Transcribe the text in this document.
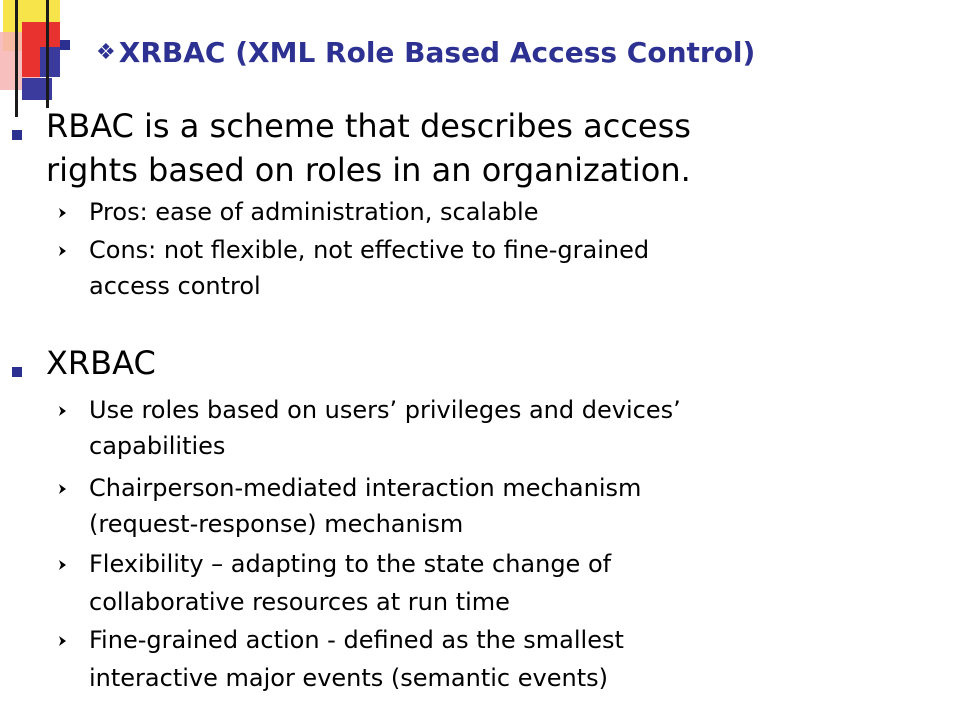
❖ XRBAC (XML Role Based Access Control)
RBAC is a scheme that describes access
rights based on roles in an organization.
Pros: ease of administration, scalable
Cons: not flexible, not effective to fine-grained
access control
XRBAC
Use roles based on users’ privileges and devices’
capabilities
Chairperson-mediated interaction mechanism
(request-response) mechanism
Flexibility – adapting to the state change of
collaborative resources at run time
Fine-grained action - defined as the smallest
interactive major events (semantic events)
